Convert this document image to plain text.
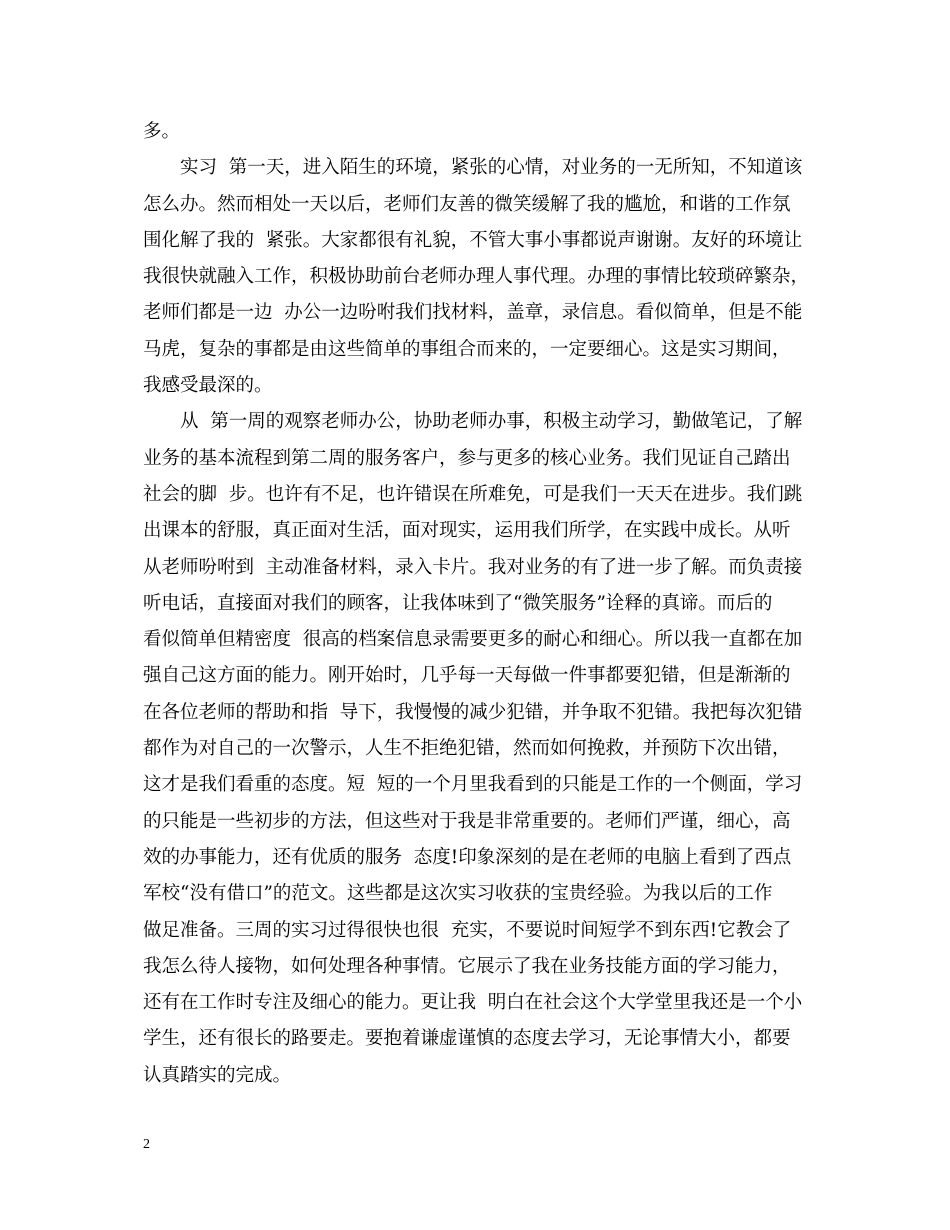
多。
　　实习  第一天，进入陌生的环境，紧张的心情，对业务的一无所知，不知道该
怎么办。然而相处一天以后，老师们友善的微笑缓解了我的尴尬，和谐的工作氛
围化解了我的  紧张。大家都很有礼貌，不管大事小事都说声谢谢。友好的环境让
我很快就融入工作，积极协助前台老师办理人事代理。办理的事情比较琐碎繁杂，
老师们都是一边  办公一边吩咐我们找材料，盖章，录信息。看似简单，但是不能
马虎，复杂的事都是由这些简单的事组合而来的，一定要细心。这是实习期间，
我感受最深的。
　　从  第一周的观察老师办公，协助老师办事，积极主动学习，勤做笔记，了解
业务的基本流程到第二周的服务客户，参与更多的核心业务。我们见证自己踏出
社会的脚  步。也许有不足，也许错误在所难免，可是我们一天天在进步。我们跳
出课本的舒服，真正面对生活，面对现实，运用我们所学，在实践中成长。从听
从老师吩咐到  主动准备材料，录入卡片。我对业务的有了进一步了解。而负责接
听电话，直接面对我们的顾客，让我体味到了“微笑服务”诠释的真谛。而后的
看似简单但精密度  很高的档案信息录需要更多的耐心和细心。所以我一直都在加
强自己这方面的能力。刚开始时，几乎每一天每做一件事都要犯错，但是渐渐的
在各位老师的帮助和指  导下，我慢慢的减少犯错，并争取不犯错。我把每次犯错
都作为对自己的一次警示，人生不拒绝犯错，然而如何挽救，并预防下次出错，
这才是我们看重的态度。短  短的一个月里我看到的只能是工作的一个侧面，学习
的只能是一些初步的方法，但这些对于我是非常重要的。老师们严谨，细心，高
效的办事能力，还有优质的服务  态度!印象深刻的是在老师的电脑上看到了西点
军校“没有借口”的范文。这些都是这次实习收获的宝贵经验。为我以后的工作
做足准备。三周的实习过得很快也很  充实，不要说时间短学不到东西!它教会了
我怎么待人接物，如何处理各种事情。它展示了我在业务技能方面的学习能力，
还有在工作时专注及细心的能力。更让我  明白在社会这个大学堂里我还是一个小
学生，还有很长的路要走。要抱着谦虚谨慎的态度去学习，无论事情大小，都要
认真踏实的完成。
2
